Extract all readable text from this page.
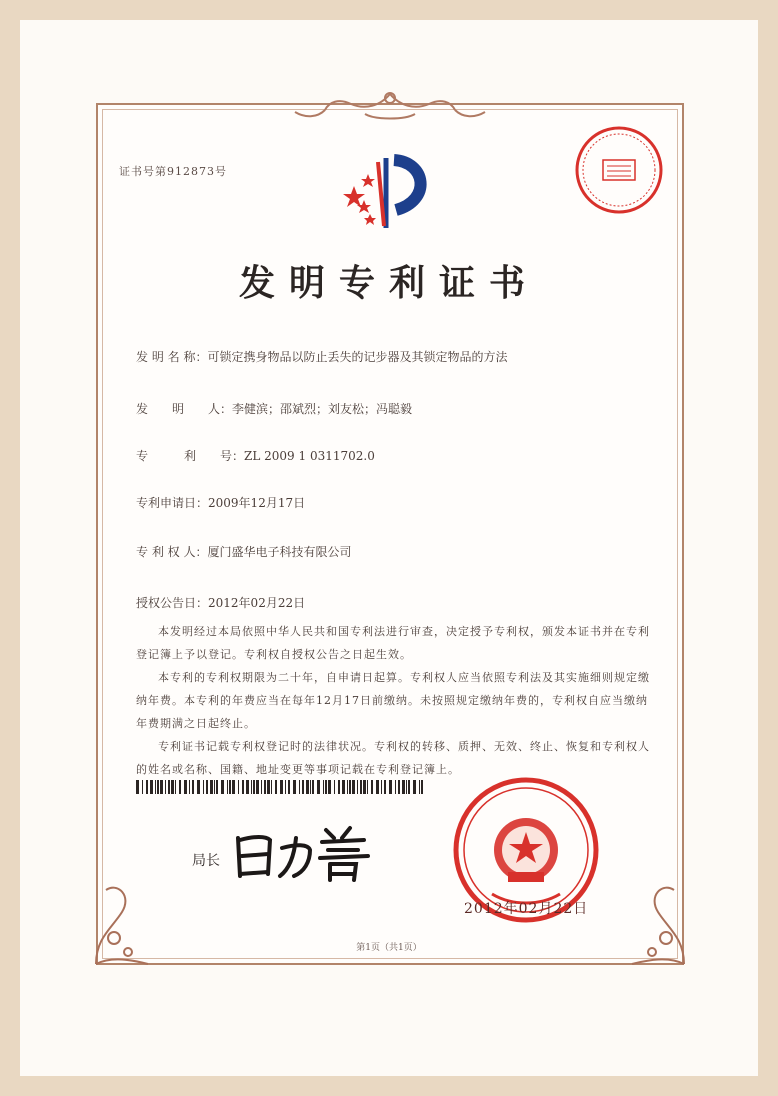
证书号第912873号
发明专利证书
发 明 名 称：可锁定携身物品以防止丢失的记步器及其锁定物品的方法
发　　明　　人：李健滨；邵斌烈；刘友松；冯聪毅
专　　　利　　号：ZL 2009 1 0311702.0
专利申请日：2009年12月17日
专 利 权 人：厦门盛华电子科技有限公司
授权公告日：2012年02月22日

本发明经过本局依照中华人民共和国专利法进行审查，决定授予专利权，颁发本证书并在专利登记簿上予以登记。专利权自授权公告之日起生效。

本专利的专利权期限为二十年，自申请日起算。专利权人应当依照专利法及其实施细则规定缴纳年费。本专利的年费应当在每年12月17日前缴纳。未按照规定缴纳年费的，专利权自应当缴纳年费期满之日起终止。

专利证书记载专利权登记时的法律状况。专利权的转移、质押、无效、终止、恢复和专利权人的姓名或名称、国籍、地址变更等事项记载在专利登记簿上。

局长
2012年02月22日
第1页（共1页）
